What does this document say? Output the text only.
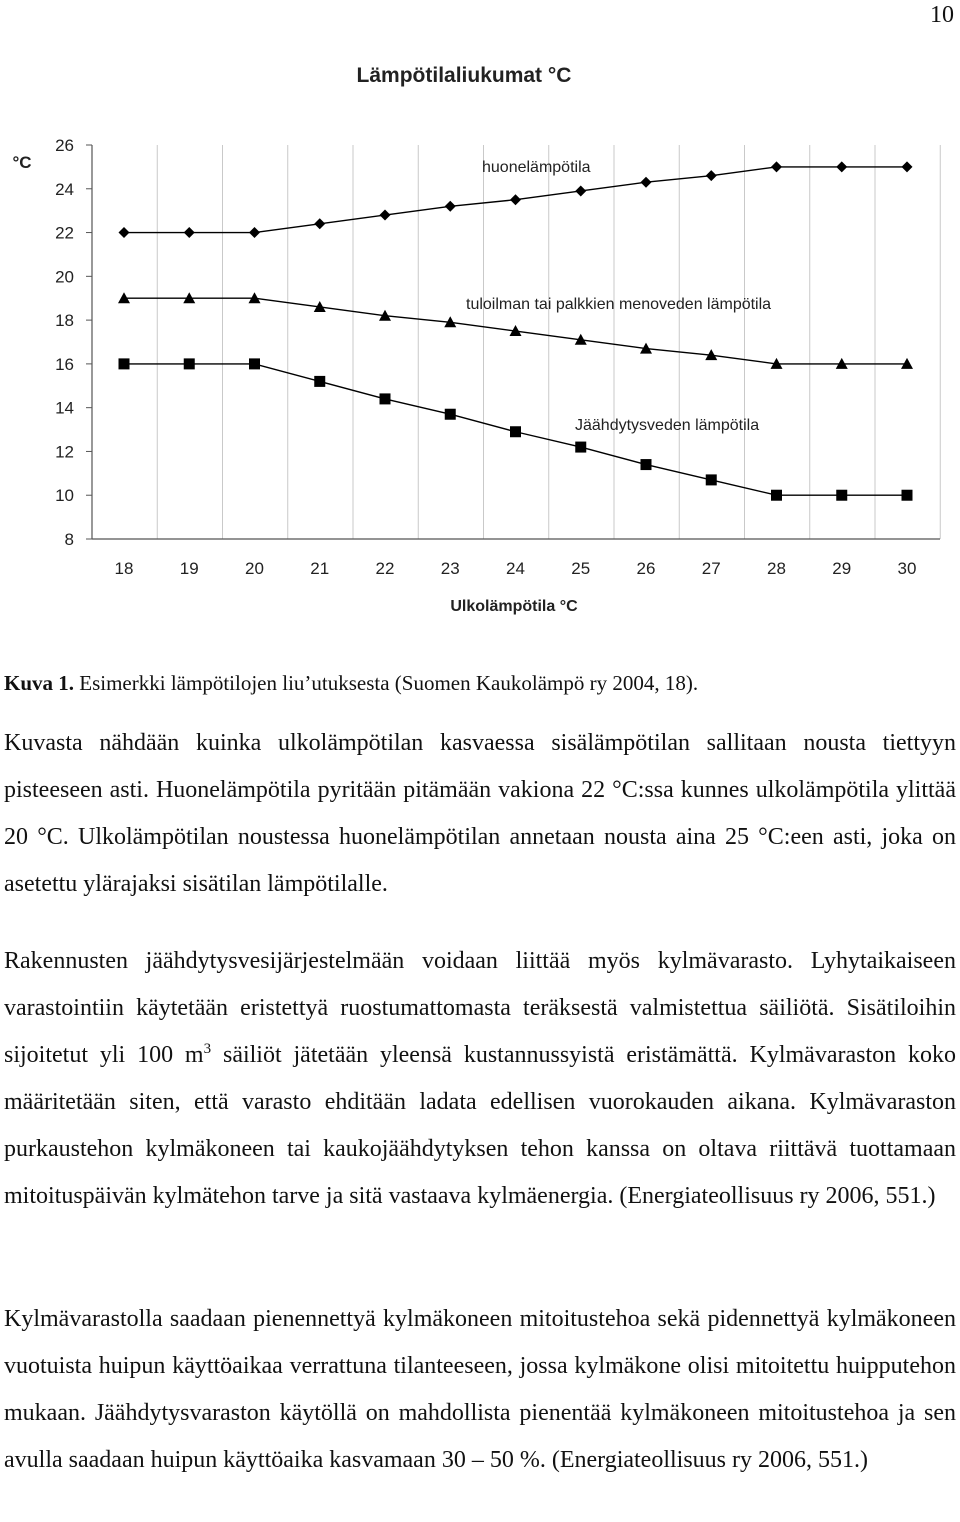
10
Lämpötilaliukumat °C
°C
Ulkolämpötila °C
8
10
12
14
16
18
20
22
24
26
18	19	20	21	22	23	24	25	26	27	28	29	30
huonelämpötila
tuloilman tai palkkien menoveden lämpötila
Jäähdytysveden lämpötila
Kuva 1. Esimerkki lämpötilojen liu’utuksesta (Suomen Kaukolämpö ry 2004, 18).

Kuvasta nähdään kuinka ulkolämpötilan kasvaessa sisälämpötilan sallitaan nousta tiettyyn pisteeseen asti. Huonelämpötila pyritään pitämään vakiona 22 °C:ssa kunnes ulkolämpötila ylittää 20 °C. Ulkolämpötilan noustessa huonelämpötilan annetaan nousta aina 25 °C:een asti, joka on asetettu ylärajaksi sisätilan lämpötilalle.

Rakennusten jäähdytysvesijärjestelmään voidaan liittää myös kylmävarasto. Lyhytaikaiseen varastointiin käytetään eristettyä ruostumattomasta teräksestä valmistettua säiliötä. Sisätiloihin sijoitetut yli 100 $m^3$ säiliöt jätetään yleensä kustannussyistä eristämättä. Kylmävaraston koko määritetään siten, että varasto ehditään ladata edellisen vuorokauden aikana. Kylmävaraston purkaustehon kylmäkoneen tai kaukojäähdytyksen tehon kanssa on oltava riittävä tuottamaan mitoituspäivän kylmätehon tarve ja sitä vastaava kylmäenergia. (Energiateollisuus ry 2006, 551.)

Kylmävarastolla saadaan pienennettyä kylmäkoneen mitoitustehoa sekä pidennettyä kylmäkoneen vuotuista huipun käyttöaikaa verrattuna tilanteeseen, jossa kylmäkone olisi mitoitettu huipputehon mukaan. Jäähdytysvaraston käytöllä on mahdollista pienentää kylmäkoneen mitoitustehoa ja sen avulla saadaan huipun käyttöaika kasvamaan 30 – 50 %. (Energiateollisuus ry 2006, 551.)
